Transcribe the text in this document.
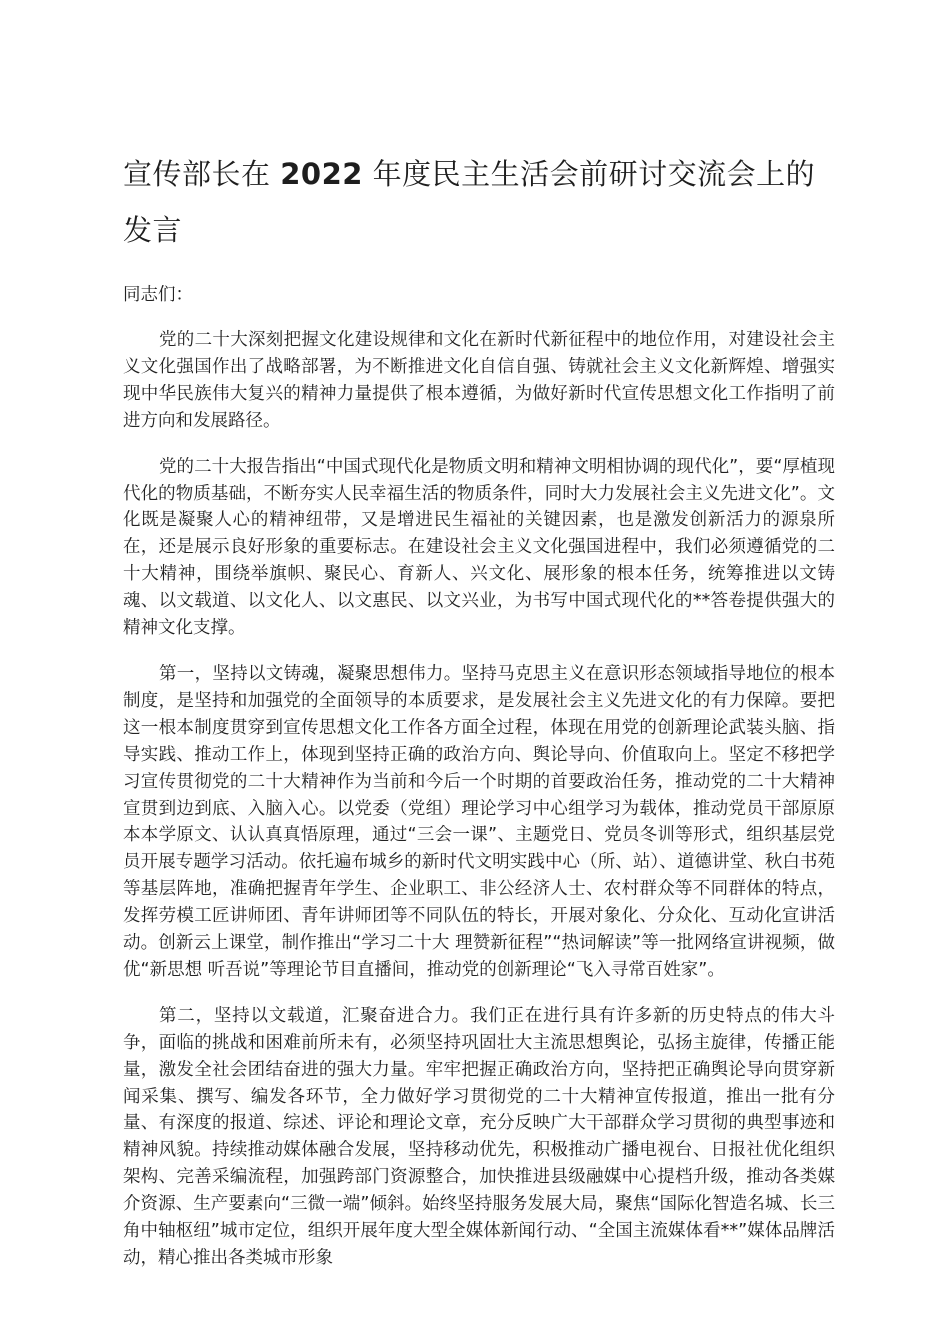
宣传部长在 2022 年度民主生活会前研讨交流会上的发言

同志们：

党的二十大深刻把握文化建设规律和文化在新时代新征程中的地位作用，对建设社会主义文化强国作出了战略部署，为不断推进文化自信自强、铸就社会主义文化新辉煌、增强实现中华民族伟大复兴的精神力量提供了根本遵循，为做好新时代宣传思想文化工作指明了前进方向和发展路径。

党的二十大报告指出“中国式现代化是物质文明和精神文明相协调的现代化”，要“厚植现代化的物质基础，不断夯实人民幸福生活的物质条件，同时大力发展社会主义先进文化”。文化既是凝聚人心的精神纽带，又是增进民生福祉的关键因素，也是激发创新活力的源泉所在，还是展示良好形象的重要标志。在建设社会主义文化强国进程中，我们必须遵循党的二十大精神，围绕举旗帜、聚民心、育新人、兴文化、展形象的根本任务，统筹推进以文铸魂、以文载道、以文化人、以文惠民、以文兴业，为书写中国式现代化的**答卷提供强大的精神文化支撑。

第一，坚持以文铸魂，凝聚思想伟力。坚持马克思主义在意识形态领域指导地位的根本制度，是坚持和加强党的全面领导的本质要求，是发展社会主义先进文化的有力保障。要把这一根本制度贯穿到宣传思想文化工作各方面全过程，体现在用党的创新理论武装头脑、指导实践、推动工作上，体现到坚持正确的政治方向、舆论导向、价值取向上。坚定不移把学习宣传贯彻党的二十大精神作为当前和今后一个时期的首要政治任务，推动党的二十大精神宣贯到边到底、入脑入心。以党委（党组）理论学习中心组学习为载体，推动党员干部原原本本学原文、认认真真悟原理，通过“三会一课”、主题党日、党员冬训等形式，组织基层党员开展专题学习活动。依托遍布城乡的新时代文明实践中心（所、站）、道德讲堂、秋白书苑等基层阵地，准确把握青年学生、企业职工、非公经济人士、农村群众等不同群体的特点，发挥劳模工匠讲师团、青年讲师团等不同队伍的特长，开展对象化、分众化、互动化宣讲活动。创新云上课堂，制作推出“学习二十大 理赞新征程”“热词解读”等一批网络宣讲视频，做优“新思想 听吾说”等理论节目直播间，推动党的创新理论“飞入寻常百姓家”。

第二，坚持以文载道，汇聚奋进合力。我们正在进行具有许多新的历史特点的伟大斗争，面临的挑战和困难前所未有，必须坚持巩固壮大主流思想舆论，弘扬主旋律，传播正能量，激发全社会团结奋进的强大力量。牢牢把握正确政治方向，坚持把正确舆论导向贯穿新闻采集、撰写、编发各环节，全力做好学习贯彻党的二十大精神宣传报道，推出一批有分量、有深度的报道、综述、评论和理论文章，充分反映广大干部群众学习贯彻的典型事迹和精神风貌。持续推动媒体融合发展，坚持移动优先，积极推动广播电视台、日报社优化组织架构、完善采编流程，加强跨部门资源整合，加快推进县级融媒中心提档升级，推动各类媒介资源、生产要素向“三微一端”倾斜。始终坚持服务发展大局，聚焦“国际化智造名城、长三角中轴枢纽”城市定位，组织开展年度大型全媒体新闻行动、“全国主流媒体看**”媒体品牌活动，精心推出各类城市形象
